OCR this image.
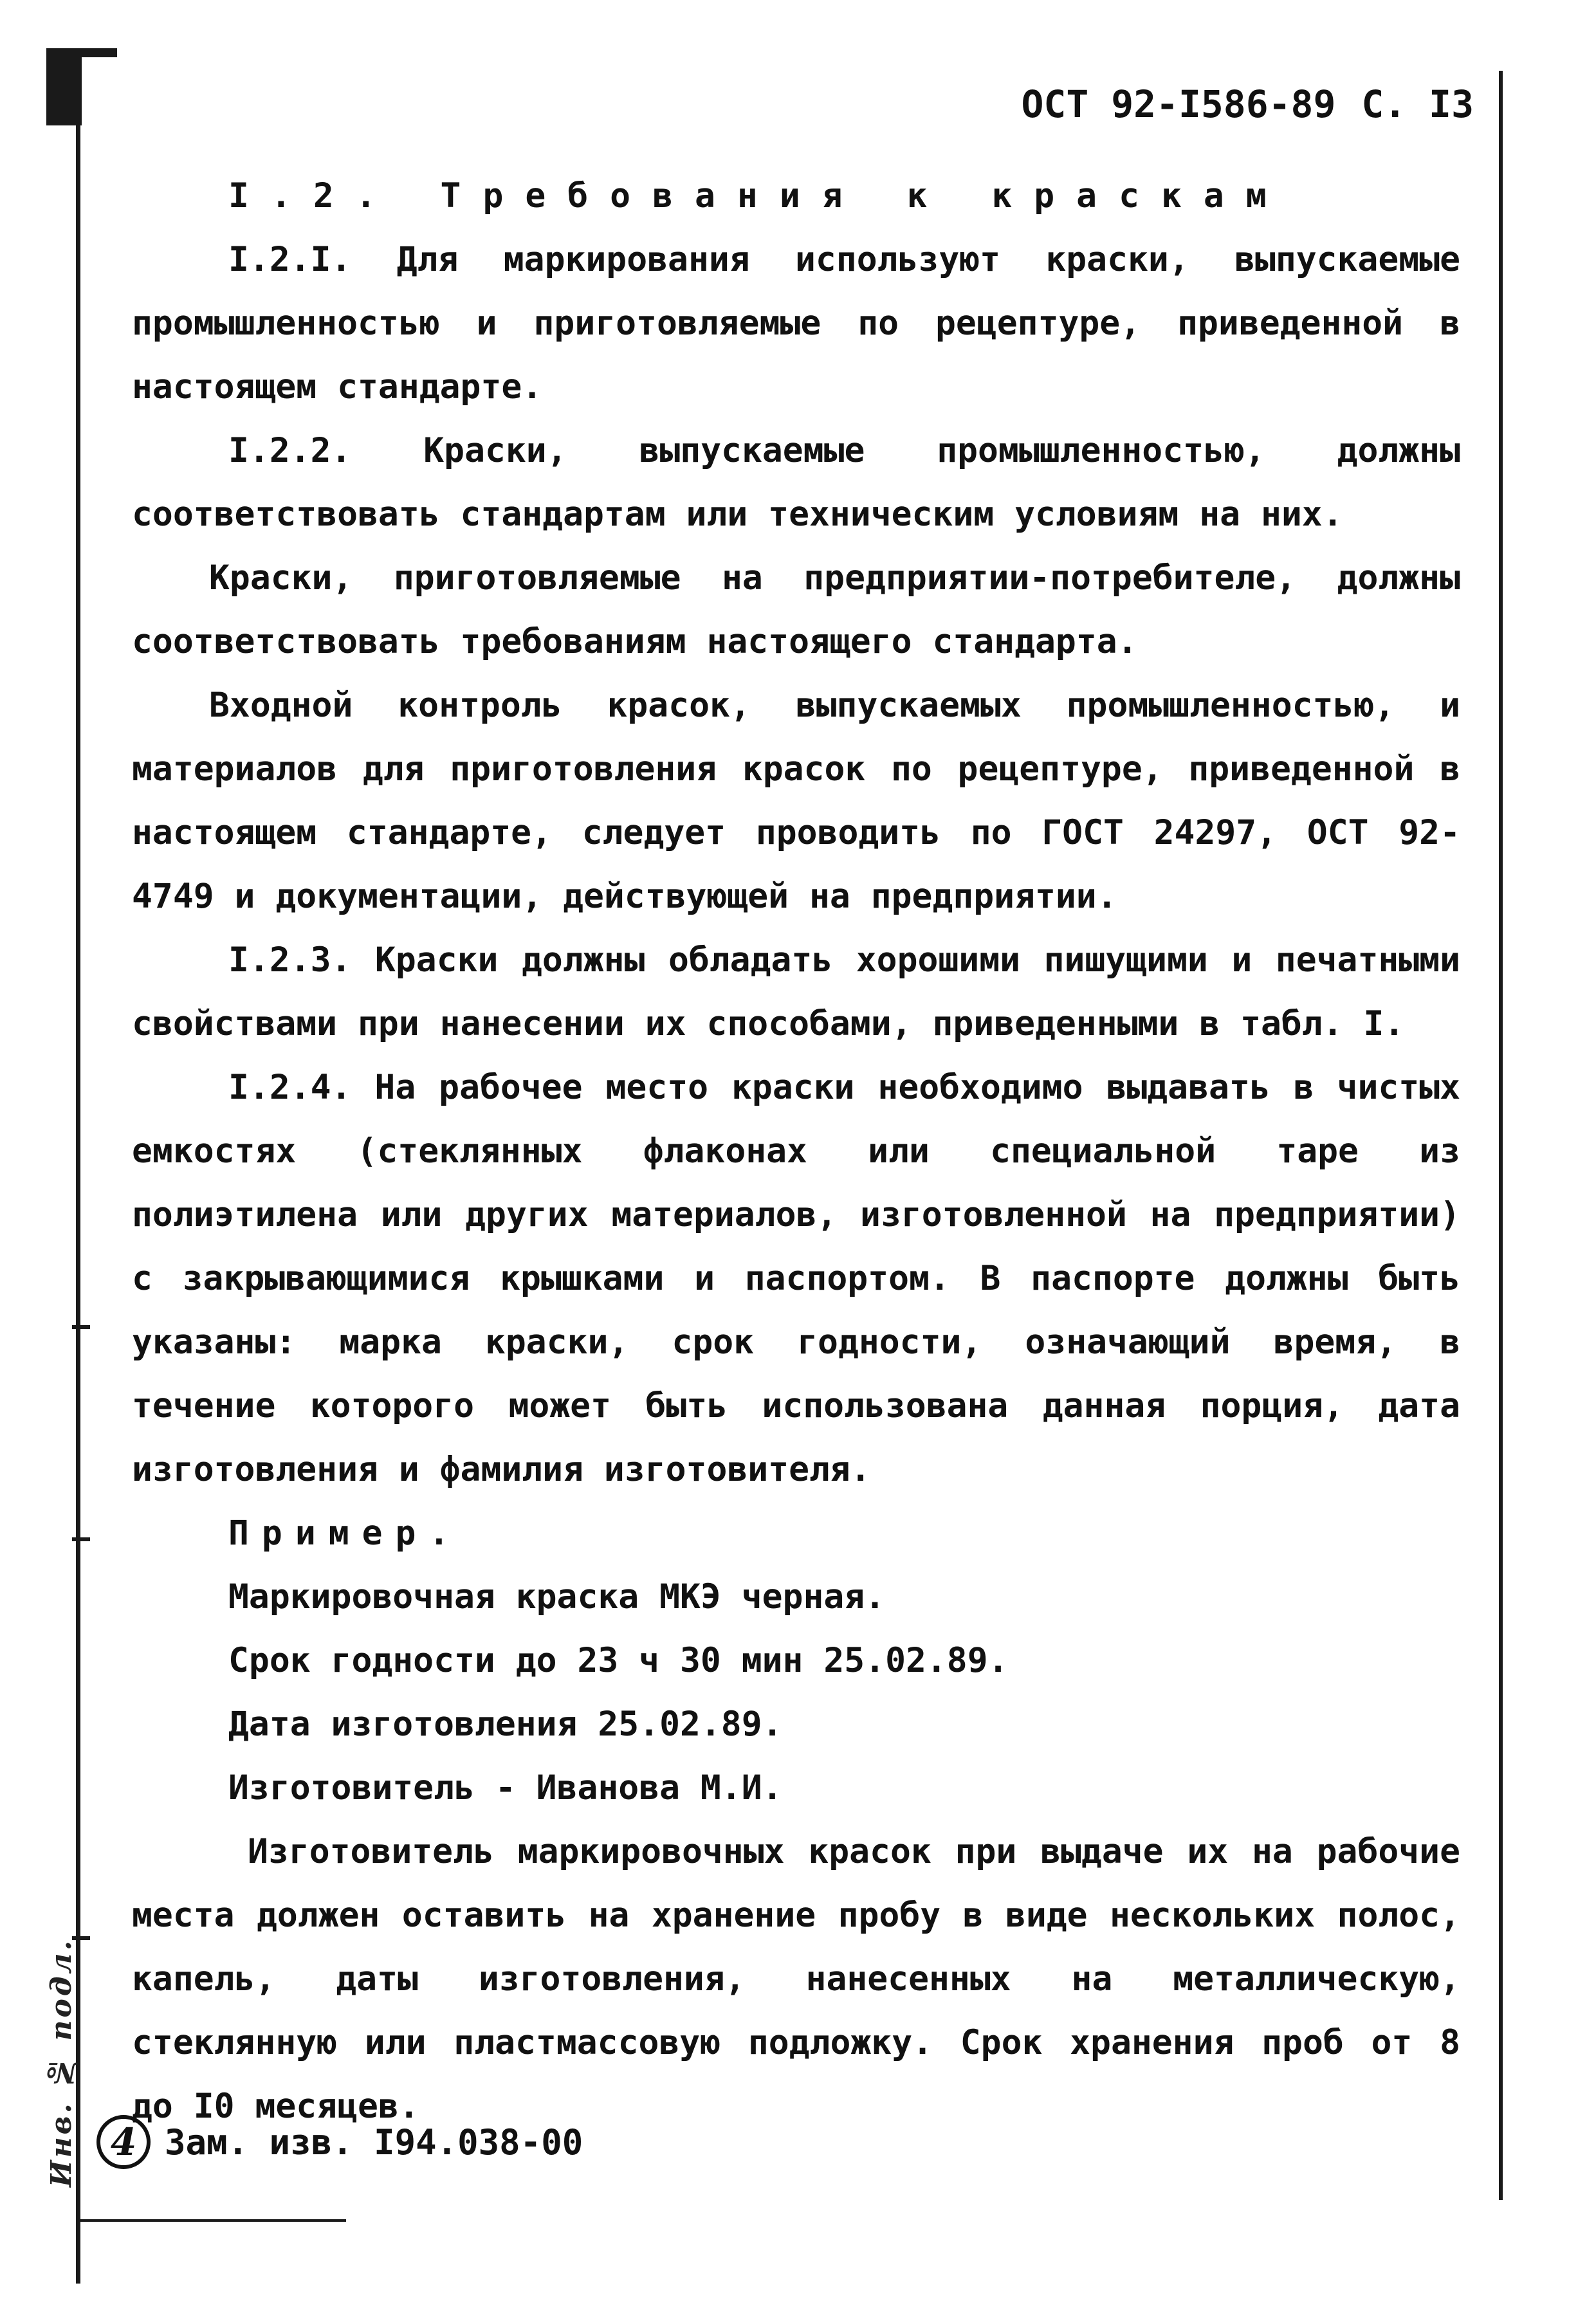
Инв. № подл.
ОСТ 92-I586-89 С. I3

I.2. Требования к краскам

I.2.I. Для маркирования используют краски, выпускаемые промышленностью и приготовляемые по рецептуре, приведенной в настоящем стандарте.

I.2.2. Краски, выпускаемые промышленностью, должны соответствовать стандартам или техническим условиям на них.

Краски, приготовляемые на предприятии-потребителе, должны соответствовать требованиям настоящего стандарта.

Входной контроль красок, выпускаемых промышленностью, и материалов для приготовления красок по рецептуре, приведенной в настоящем стандарте, следует проводить по ГОСТ 24297, ОСТ 92-4749 и документации, действующей на предприятии.

I.2.3. Краски должны обладать хорошими пишущими и печатными свойствами при нанесении их способами, приведенными в табл. I.

I.2.4. На рабочее место краски необходимо выдавать в чистых емкостях (стеклянных флаконах или специальной таре из полиэтилена или других материалов, изготовленной на предприятии) с закрывающимися крышками и паспортом. В паспорте должны быть указаны: марка краски, срок годности, означающий время, в течение которого может быть использована данная порция, дата изготовления и фамилия изготовителя.

Пример.

Маркировочная краска МКЭ черная.

Срок годности до 23 ч 30 мин 25.02.89.

Дата изготовления 25.02.89.

Изготовитель - Иванова М.И.

Изготовитель маркировочных красок при выдаче их на рабочие места должен оставить на хранение пробу в виде нескольких полос, капель, даты изготовления, нанесенных на металлическую, стеклянную или пластмассовую подложку. Срок хранения проб от 8 до I0 месяцев.

4 Зам. изв. I94.038-00
